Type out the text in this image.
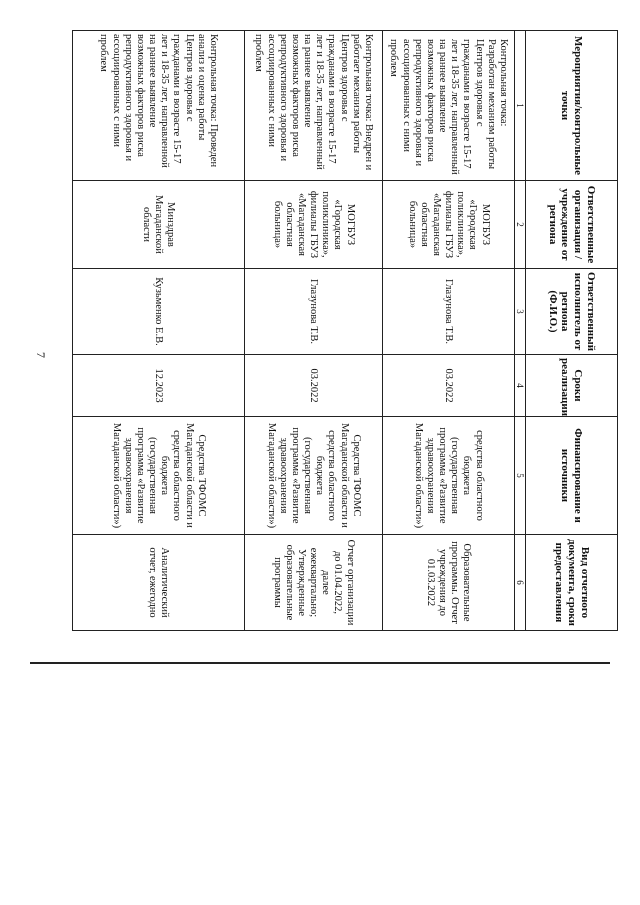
7
Мероприятия/контрольные точки	Ответственные организация / учреждение от региона	Ответственный исполнитель от региона (Ф.И.О.)	Сроки реализации	Финансирование и источники	Вид отчетного документа, сроки предоставления
1	2	3	4	5	6
Контрольная точка: Разработан механизм работы Центров здоровья с гражданами в возрасте 15-17 лет и 18-35 лет, направленный на раннее выявление возможных факторов риска репродуктивного здоровья и ассоциированных с ними проблем	МОГБУЗ «Городская поликлиника», филиалы ГБУЗ «Магаданская областная больница»	Глазунова Т.В.	03.2022	средства областного бюджета (государственная программа «Развитие здравоохранения Магаданской области»)	Образовательные программы. Отчет учреждения до 01.03.2022
Контрольная точка: Внедрен и работает механизм работы Центров здоровья с гражданами в возрасте 15-17 лет и 18-35 лет, направленный на раннее выявление возможных факторов риска репродуктивного здоровья и ассоциированных с ними проблем	МОГБУЗ «Городская поликлиника», филиалы ГБУЗ «Магаданская областная больница»	Глазунова Т.В.	03.2022	Средства ТФОМС Магаданской области и средства областного бюджета (государственная программа «Развитие здравоохранения Магаданской области»)	Отчет организации до 01.04.2022, далее ежеквартально; Утвержденные образовательные программы
Контрольная точка: Проведен анализ и оценка работы Центров здоровья с гражданами в возрасте 15-17 лет и 18-35 лет, направленной на раннее выявление возможных факторов риска репродуктивного здоровья и ассоциированных с ними проблем	Минздрав Магаданской области	Кузьменко Е.В.	12.2023	Средства ТФОМС Магаданской области и средства областного бюджета (государственная программа «Развитие здравоохранения Магаданской области»)	Аналитический отчет, ежегодно
